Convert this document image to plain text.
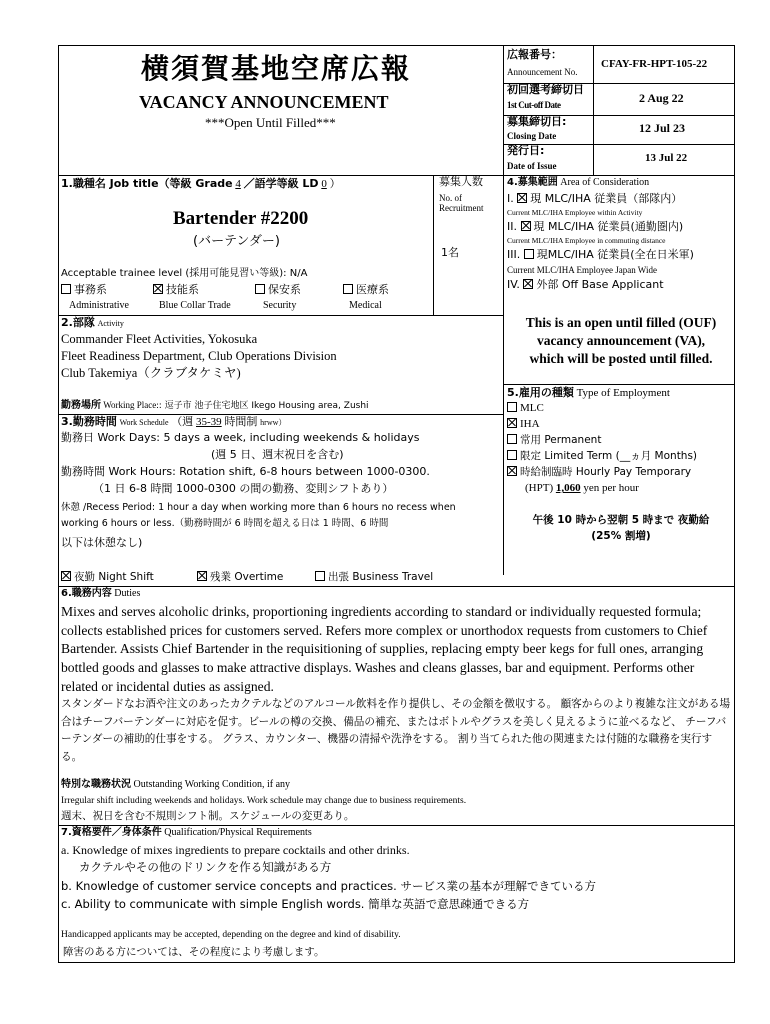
横須賀基地空席広報
VACANCY ANNOUNCEMENT
***Open Until Filled***
広報番号：
Announcement No.
CFAY-FR-HPT-105-22
初回選考締切日
1st Cut-off Date	2 Aug 22
募集締切日:
Closing Date
12 Jul 23
発行日:
Date of Issue
13 Jul 22
1.職種名 Job title（等級 Grade 4 ／語学等級 LD 0 ）
Bartender #2200
(バーテンダー)
Acceptable trainee level (採用可能見習い等級): N/A
事務系	技能系	保安系	医療系
Administrative	Blue Collar Trade	Security	Medical
募集人数
No. of
Recruitment
1名
4.募集範囲 Area of Consideration
I. 現 MLC/IHA 従業員（部隊内）
Current MLC/IHA Employee within Activity
II. 現 MLC/IHA 従業員(通勤圏内)
Current MLC/IHA Employee in commuting distance
III. 現MLC/IHA 従業員(全在日米軍)
Current MLC/IHA Employee Japan Wide
IV. 外部 Off Base Applicant
This is an open until filled (OUF)
vacancy announcement (VA),
which will be posted until filled.
2.部隊 Activity
Commander Fleet Activities, Yokosuka
Fleet Readiness Department, Club Operations Division
Club Takemiya（クラブタケミヤ)
勤務場所 Working Place:: 逗子市 池子住宅地区 Ikego Housing area, Zushi
5.雇用の種類 Type of Employment
MLC
IHA
常用 Permanent
限定 Limited Term (__ヵ月 Months)
時給制臨時 Hourly Pay Temporary
(HPT) 1,060 yen per hour
午後 10 時から翌朝 5 時まで 夜勤給
(25% 割増)
3.勤務時間 Work Schedule （週 35-39 時間制 hrww）
勤務日 Work Days: 5 days a week, including weekends & holidays
(週 5 日、週末祝日を含む)
勤務時間 Work Hours: Rotation shift, 6-8 hours between 1000-0300.
（1 日 6-8 時間 1000-0300 の間の勤務、変則シフトあり）
休憩 /Recess Period: 1 hour a day when working more than 6 hours no recess when
working 6 hours or less.（勤務時間が 6 時間を超える日は 1 時間、6 時間
以下は休憩なし)
夜勤 Night Shift	残業 Overtime	出張 Business Travel
6.職務内容 Duties
Mixes and serves alcoholic drinks, proportioning ingredients according to standard or individually requested formula; collects established prices for customers served. Refers more complex or unorthodox requests from customers to Chief Bartender. Assists Chief Bartender in the requisitioning of supplies, replacing empty beer kegs for full ones, arranging bottled goods and glasses to make attractive displays. Washes and cleans glasses, bar and equipment. Performs other related or incidental duties as assigned.
スタンダードなお酒や注文のあったカクテルなどのアルコール飲料を作り提供し、その金額を徴収する。 顧客からのより複雑な注文がある場合はチーフバーテンダーに対応を促す。ビールの樽の交換、備品の補充、またはボトルやグラスを美しく見えるように並べるなど、 チーフバーテンダーの補助的仕事をする。 グラス、カウンター、機器の清掃や洗浄をする。 割り当てられた他の関連または付随的な職務を実行する。
特別な職務状況 Outstanding Working Condition, if any
Irregular shift including weekends and holidays. Work schedule may change due to business requirements.
週末、祝日を含む不規則シフト制。スケジュールの変更あり。
7.資格要件／身体条件 Qualification/Physical Requirements
a. Knowledge of mixes ingredients to prepare cocktails and other drinks.
カクテルやその他のドリンクを作る知識がある方
b. Knowledge of customer service concepts and practices. サービス業の基本が理解できている方
c. Ability to communicate with simple English words. 簡単な英語で意思疎通できる方
Handicapped applicants may be accepted, depending on the degree and kind of disability.
障害のある方については、その程度により考慮します。
